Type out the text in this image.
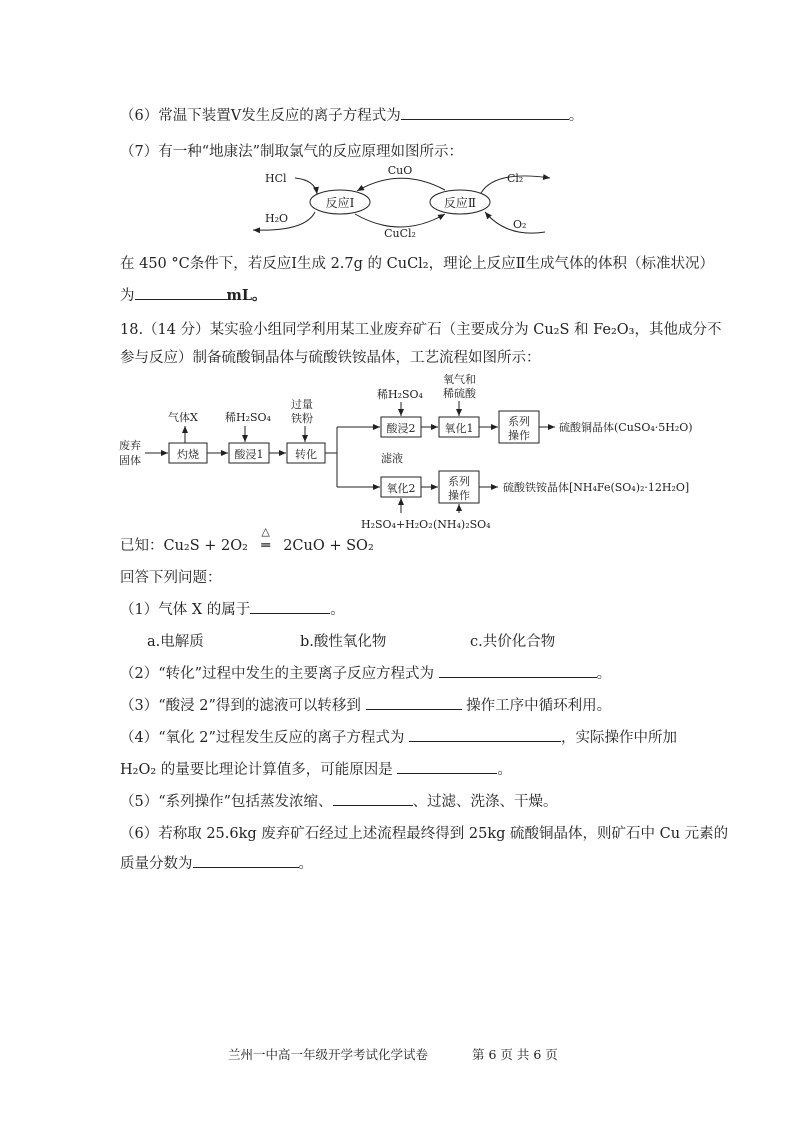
（6）常温下装置V发生反应的离子方程式为	。
（7）有一种“地康法”制取氯气的反应原理如图所示：
反应Ⅰ	反应Ⅱ
CuO
CuCl₂
HCl
H₂O
Cl₂
O₂
在 450 °C条件下，若反应Ⅰ生成 2.7g 的 CuCl₂，理论上反应Ⅱ生成气体的体积（标准状况）
为	mL。
18.（14 分）某实验小组同学利用某工业废弃矿石（主要成分为 Cu₂S 和 Fe₂O₃，其他成分不
参与反应）制备硫酸铜晶体与硫酸铁铵晶体，工艺流程如图所示：
废弃
固体	灼烧
气体X
酸浸1
稀H₂SO₄
转化
过量
铁粉
酸浸2
稀H₂SO₄
滤液
氧化1
氧气和
稀硫酸
系列
操作
硫酸铜晶体(CuSO₄·5H₂O)
氧化2
H₂SO₄+H₂O₂
系列
操作
(NH₄)₂SO₄
硫酸铁铵晶体[NH₄Fe(SO₄)₂·12H₂O]
已知：Cu₂S + 2O₂
△
═ 2CuO + SO₂
回答下列问题：
（1）气体 X 的属于	。
a.电解质	b.酸性氧化物	c.共价化合物
（2）“转化”过程中发生的主要离子反应方程式为	。
（3）“酸浸 2”得到的滤液可以转移到	操作工序中循环利用。
（4）“氧化 2”过程发生反应的离子方程式为	，实际操作中所加
H₂O₂ 的量要比理论计算值多，可能原因是	。
（5）“系列操作”包括蒸发浓缩、	、过滤、洗涤、干燥。
（6）若称取 25.6kg 废弃矿石经过上述流程最终得到 25kg 硫酸铜晶体，则矿石中 Cu 元素的
质量分数为	。
兰州一中高一年级开学考试化学试卷	第 6 页 共 6 页
